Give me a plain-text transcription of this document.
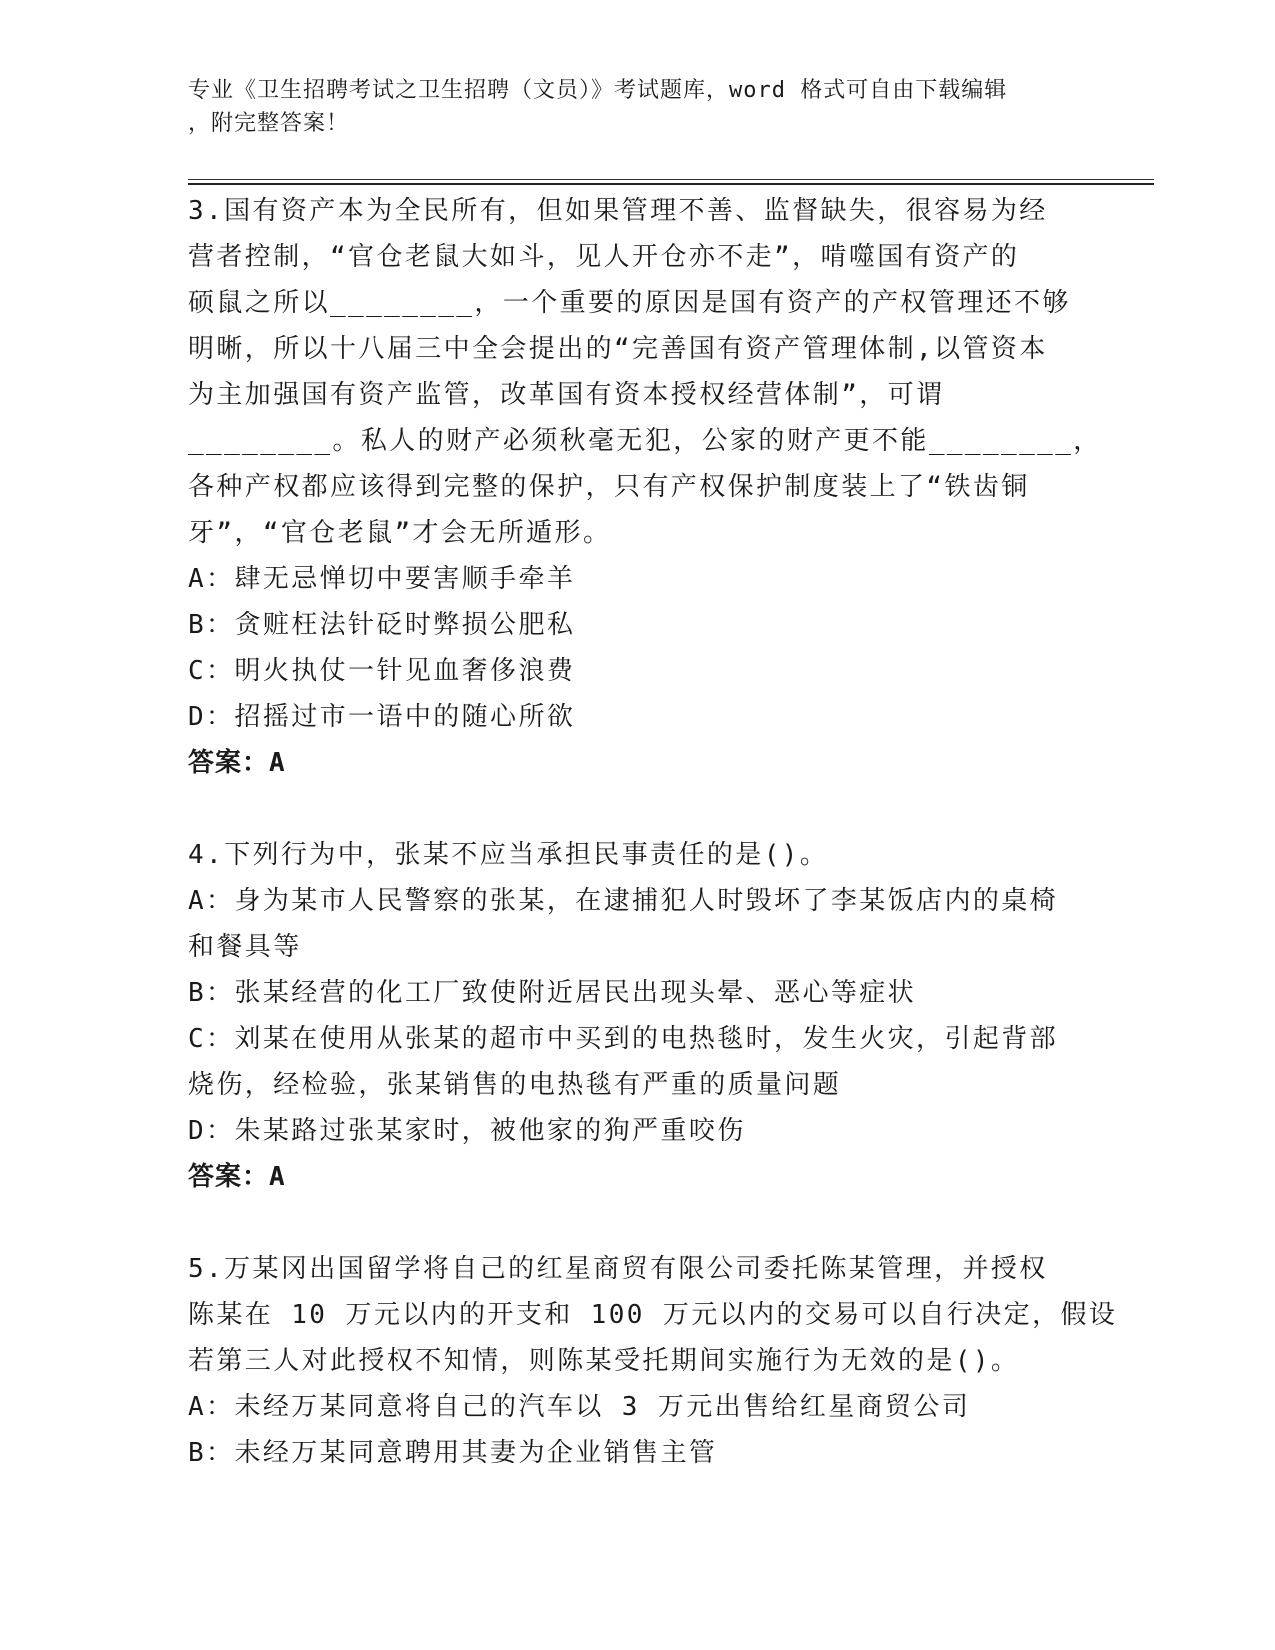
专业《卫生招聘考试之卫生招聘（文员）》考试题库，word 格式可自由下载编辑
，附完整答案！
3.国有资产本为全民所有，但如果管理不善、监督缺失，很容易为经
营者控制，“官仓老鼠大如斗，见人开仓亦不走”，啃噬国有资产的
硕鼠之所以________，一个重要的原因是国有资产的产权管理还不够
明晰，所以十八届三中全会提出的“完善国有资产管理体制,以管资本
为主加强国有资产监管，改革国有资本授权经营体制”，可谓
________。私人的财产必须秋毫无犯，公家的财产更不能________，
各种产权都应该得到完整的保护，只有产权保护制度装上了“铁齿铜
牙”，“官仓老鼠”才会无所遁形。
A：肆无忌惮切中要害顺手牵羊
B：贪赃枉法针砭时弊损公肥私
C：明火执仗一针见血奢侈浪费
D：招摇过市一语中的随心所欲
答案：A
4.下列行为中，张某不应当承担民事责任的是()。
A：身为某市人民警察的张某，在逮捕犯人时毁坏了李某饭店内的桌椅
和餐具等
B：张某经营的化工厂致使附近居民出现头晕、恶心等症状
C：刘某在使用从张某的超市中买到的电热毯时，发生火灾，引起背部
烧伤，经检验，张某销售的电热毯有严重的质量问题
D：朱某路过张某家时，被他家的狗严重咬伤
答案：A
5.万某冈出国留学将自己的红星商贸有限公司委托陈某管理，并授权
陈某在 10 万元以内的开支和 100 万元以内的交易可以自行决定，假设
若第三人对此授权不知情，则陈某受托期间实施行为无效的是()。
A：未经万某同意将自己的汽车以 3 万元出售给红星商贸公司
B：未经万某同意聘用其妻为企业销售主管
